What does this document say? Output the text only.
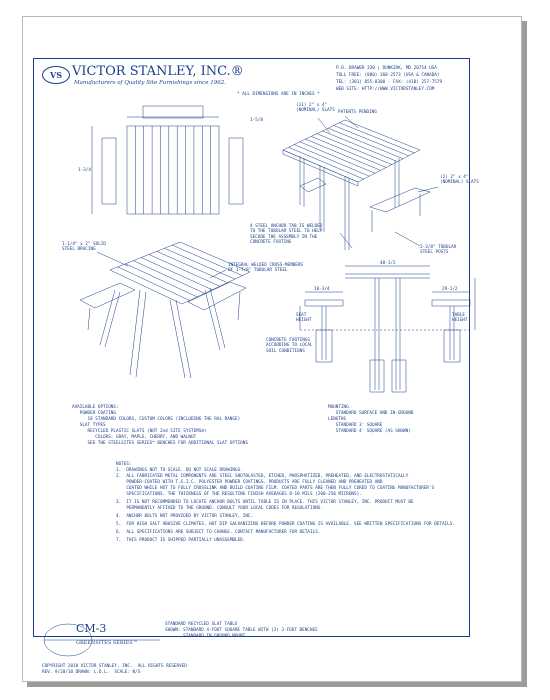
VS VICTOR STANLEY, INC.®
Manufacturers of Quality Site Furnishings since 1962.
* ALL DIMENSIONS ARE IN INCHES *
P.O. DRAWER 330 | DUNKIRK, MD 20754 USA
TOLL FREE: (800) 368-2573 (USA & CANADA)
TEL: (301) 855-8300 · FAX: (410) 257-7579
WEB SITE: HTTP://WWW.VICTORSTANLEY.COM
(11) 2" x 4"
(NOMINAL) SLATS PATENTS PENDING
(2) 2" x 4"
(NOMINAL) SLATS
4 STEEL ANCHOR TAB IS WELDED
TO THE TUBULAR STEEL TO HELP
SECURE THE ASSEMBLY IN THE
CONCRETE FOOTING
2-3/8" TUBULAR
STEEL POSTS
1-1/4" x 2" SOLID
STEEL BRACING
INTEGRAL WELDED CROSS-MEMBERS
OF 1-7/8" TUBULAR STEEL
SEAT
HEIGHT
TABLE
HEIGHT
CONCRETE FOOTINGS
ACCORDING TO LOCAL
SOIL CONDITIONS
1-5/8
1-3/4
48-1/2
10-3/4	29-1/2
AVAILABLE OPTIONS:
POWDER COATING
18 STANDARD COLORS, CUSTOM COLORS (INCLUDING THE RAL RANGE)
SLAT TYPES
RECYCLED PLASTIC SLATS (NOT 2nd SITE SYSTEMS®)
COLORS: GRAY, MAPLE, CHERRY, AND WALNUT
SEE THE STEELSITES SERIES™ BENCHES FOR ADDITIONAL SLAT OPTIONS
MOUNTING
STANDARD SURFACE AND IN-GROUND
LENGTHS
STANDARD 3' SQUARE
STANDARD 4' SQUARE (AS SHOWN)
NOTES:
1.  DRAWINGS NOT TO SCALE. DO NOT SCALE DRAWINGS.
2.  ALL FABRICATED METAL COMPONENTS ARE STEEL SHOTBLASTED, ETCHED, PHOSPHATIZED, PREHEATED, AND ELECTROSTATICALLY
POWDER-COATED WITH T.G.I.C. POLYESTER POWDER COATINGS. PRODUCTS ARE FULLY CLEANED AND PREHEATED AND
COATED WHILE HOT TO FULLY CROSSLINK AND BUILD COATING FILM. COATED PARTS ARE THEN FULLY CURED TO COATING MANUFACTURER'S
SPECIFICATIONS. THE THICKNESS OF THE RESULTING FINISH AVERAGES 8-10 MILS (200-250 MICRONS).
3.  IT IS NOT RECOMMENDED TO LOCATE ANCHOR BOLTS UNTIL TABLE IS IN PLACE. THIS VICTOR STANLEY, INC. PRODUCT MUST BE
PERMANENTLY AFFIXED TO THE GROUND. CONSULT YOUR LOCAL CODES FOR REGULATIONS.
4.  ANCHOR BOLTS NOT PROVIDED BY VICTOR STANLEY, INC.
5.  FOR HIGH SALT ABUSIVE CLIMATES, HOT DIP GALVANIZING BEFORE POWDER COATING IS AVAILABLE. SEE WRITTEN SPECIFICATIONS FOR DETAILS.
6.  ALL SPECIFICATIONS ARE SUBJECT TO CHANGE. CONTACT MANUFACTURER FOR DETAILS.
7.  THIS PRODUCT IS SHIPPED PARTIALLY UNASSEMBLED.
CM-3
GREENSITES SERIES™
STANDARD RECYCLED SLAT TABLE
SHOWN: STANDARD 4-FOOT SQUARE TABLE WITH (3) 3-FOOT BENCHES
STANDARD IN GROUND MOUNT
COPYRIGHT 2010 VICTOR STANLEY, INC.  ALL RIGHTS RESERVED
REV. 9/20/10 DRAWN: L.D.L.  SCALE: N/S
